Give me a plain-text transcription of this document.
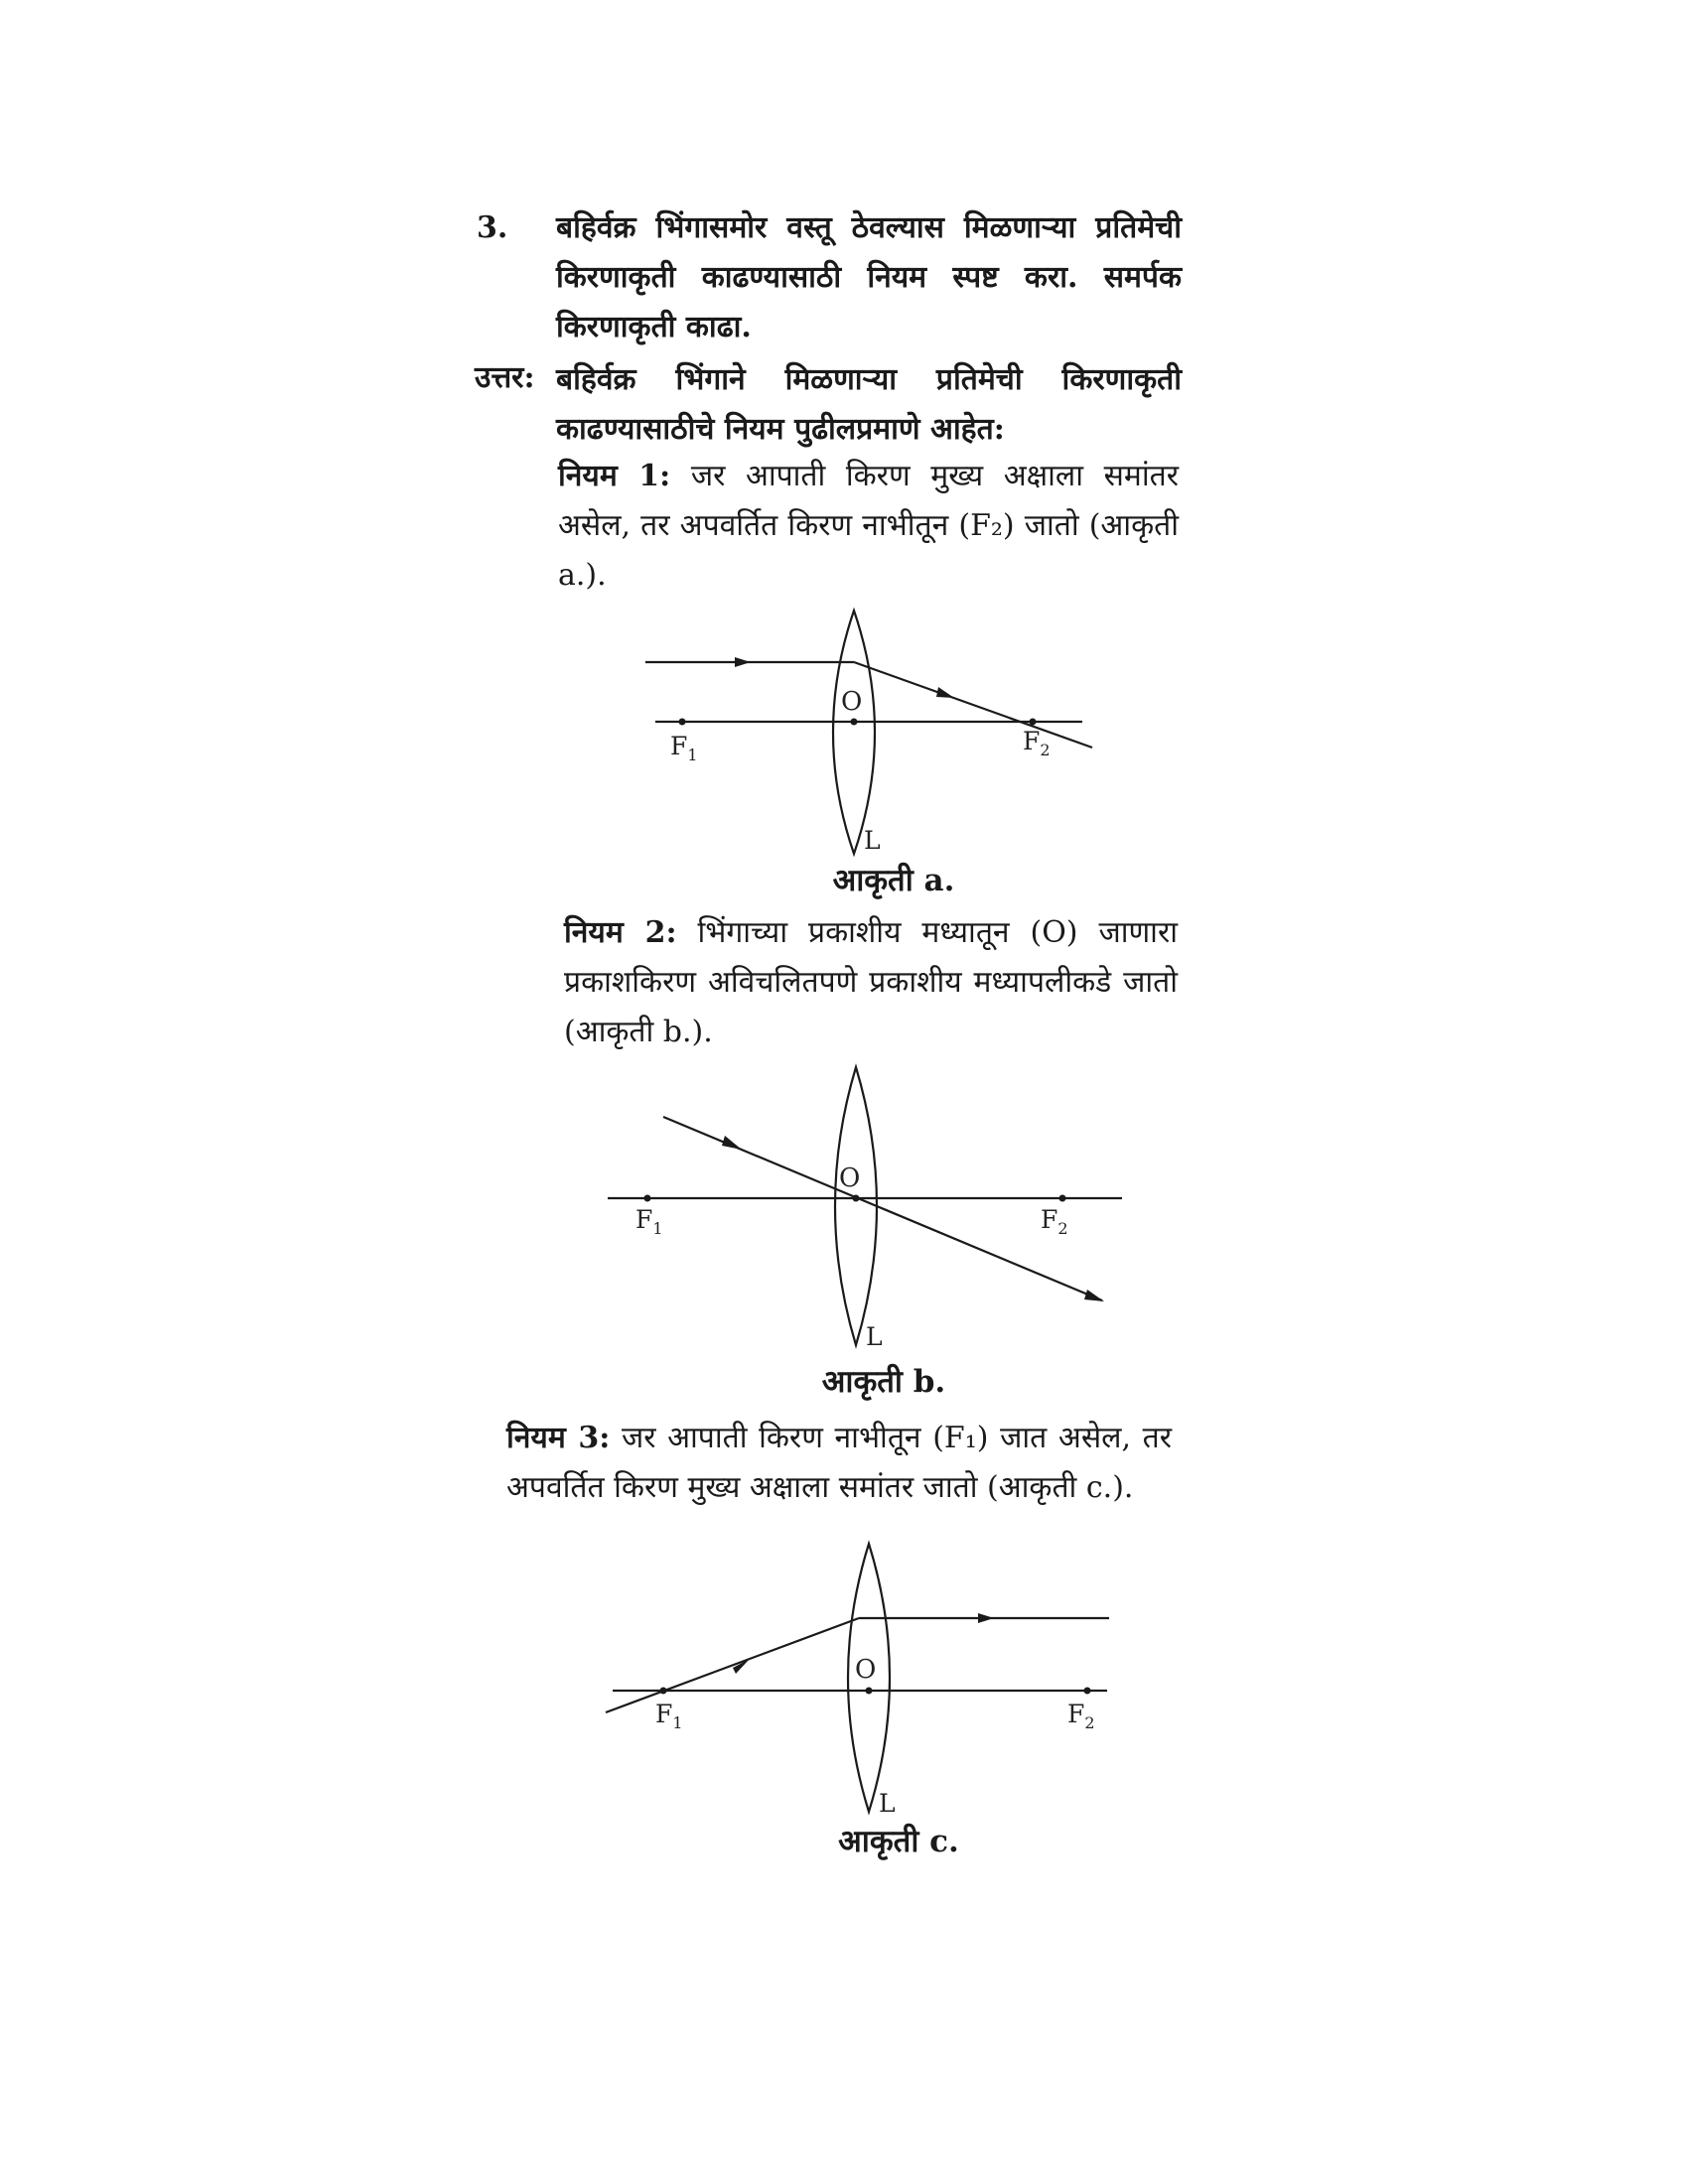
3. बहिर्वक्र भिंगासमोर वस्तू ठेवल्यास मिळणाऱ्या प्रतिमेची किरणाकृती काढण्यासाठी नियम स्पष्ट करा. समर्पक किरणाकृती काढा.

उत्तर: बहिर्वक्र भिंगाने मिळणाऱ्या प्रतिमेची किरणाकृती काढण्यासाठीचे नियम पुढीलप्रमाणे आहेत:

नियम 1: जर आपाती किरण मुख्य अक्षाला समांतर असेल, तर अपवर्तित किरण नाभीतून (F₂) जातो (आकृती a.).

O
$F_1$	$F_2$
L
आकृती a.

नियम 2: भिंगाच्या प्रकाशीय मध्यातून (O) जाणारा प्रकाशकिरण अविचलितपणे प्रकाशीय मध्यापलीकडे जातो (आकृती b.).

O
$F_1$	$F_2$
L
आकृती b.

नियम 3: जर आपाती किरण नाभीतून (F₁) जात असेल, तर अपवर्तित किरण मुख्य अक्षाला समांतर जातो (आकृती c.).

O
$F_1$	$F_2$
L
आकृती c.
